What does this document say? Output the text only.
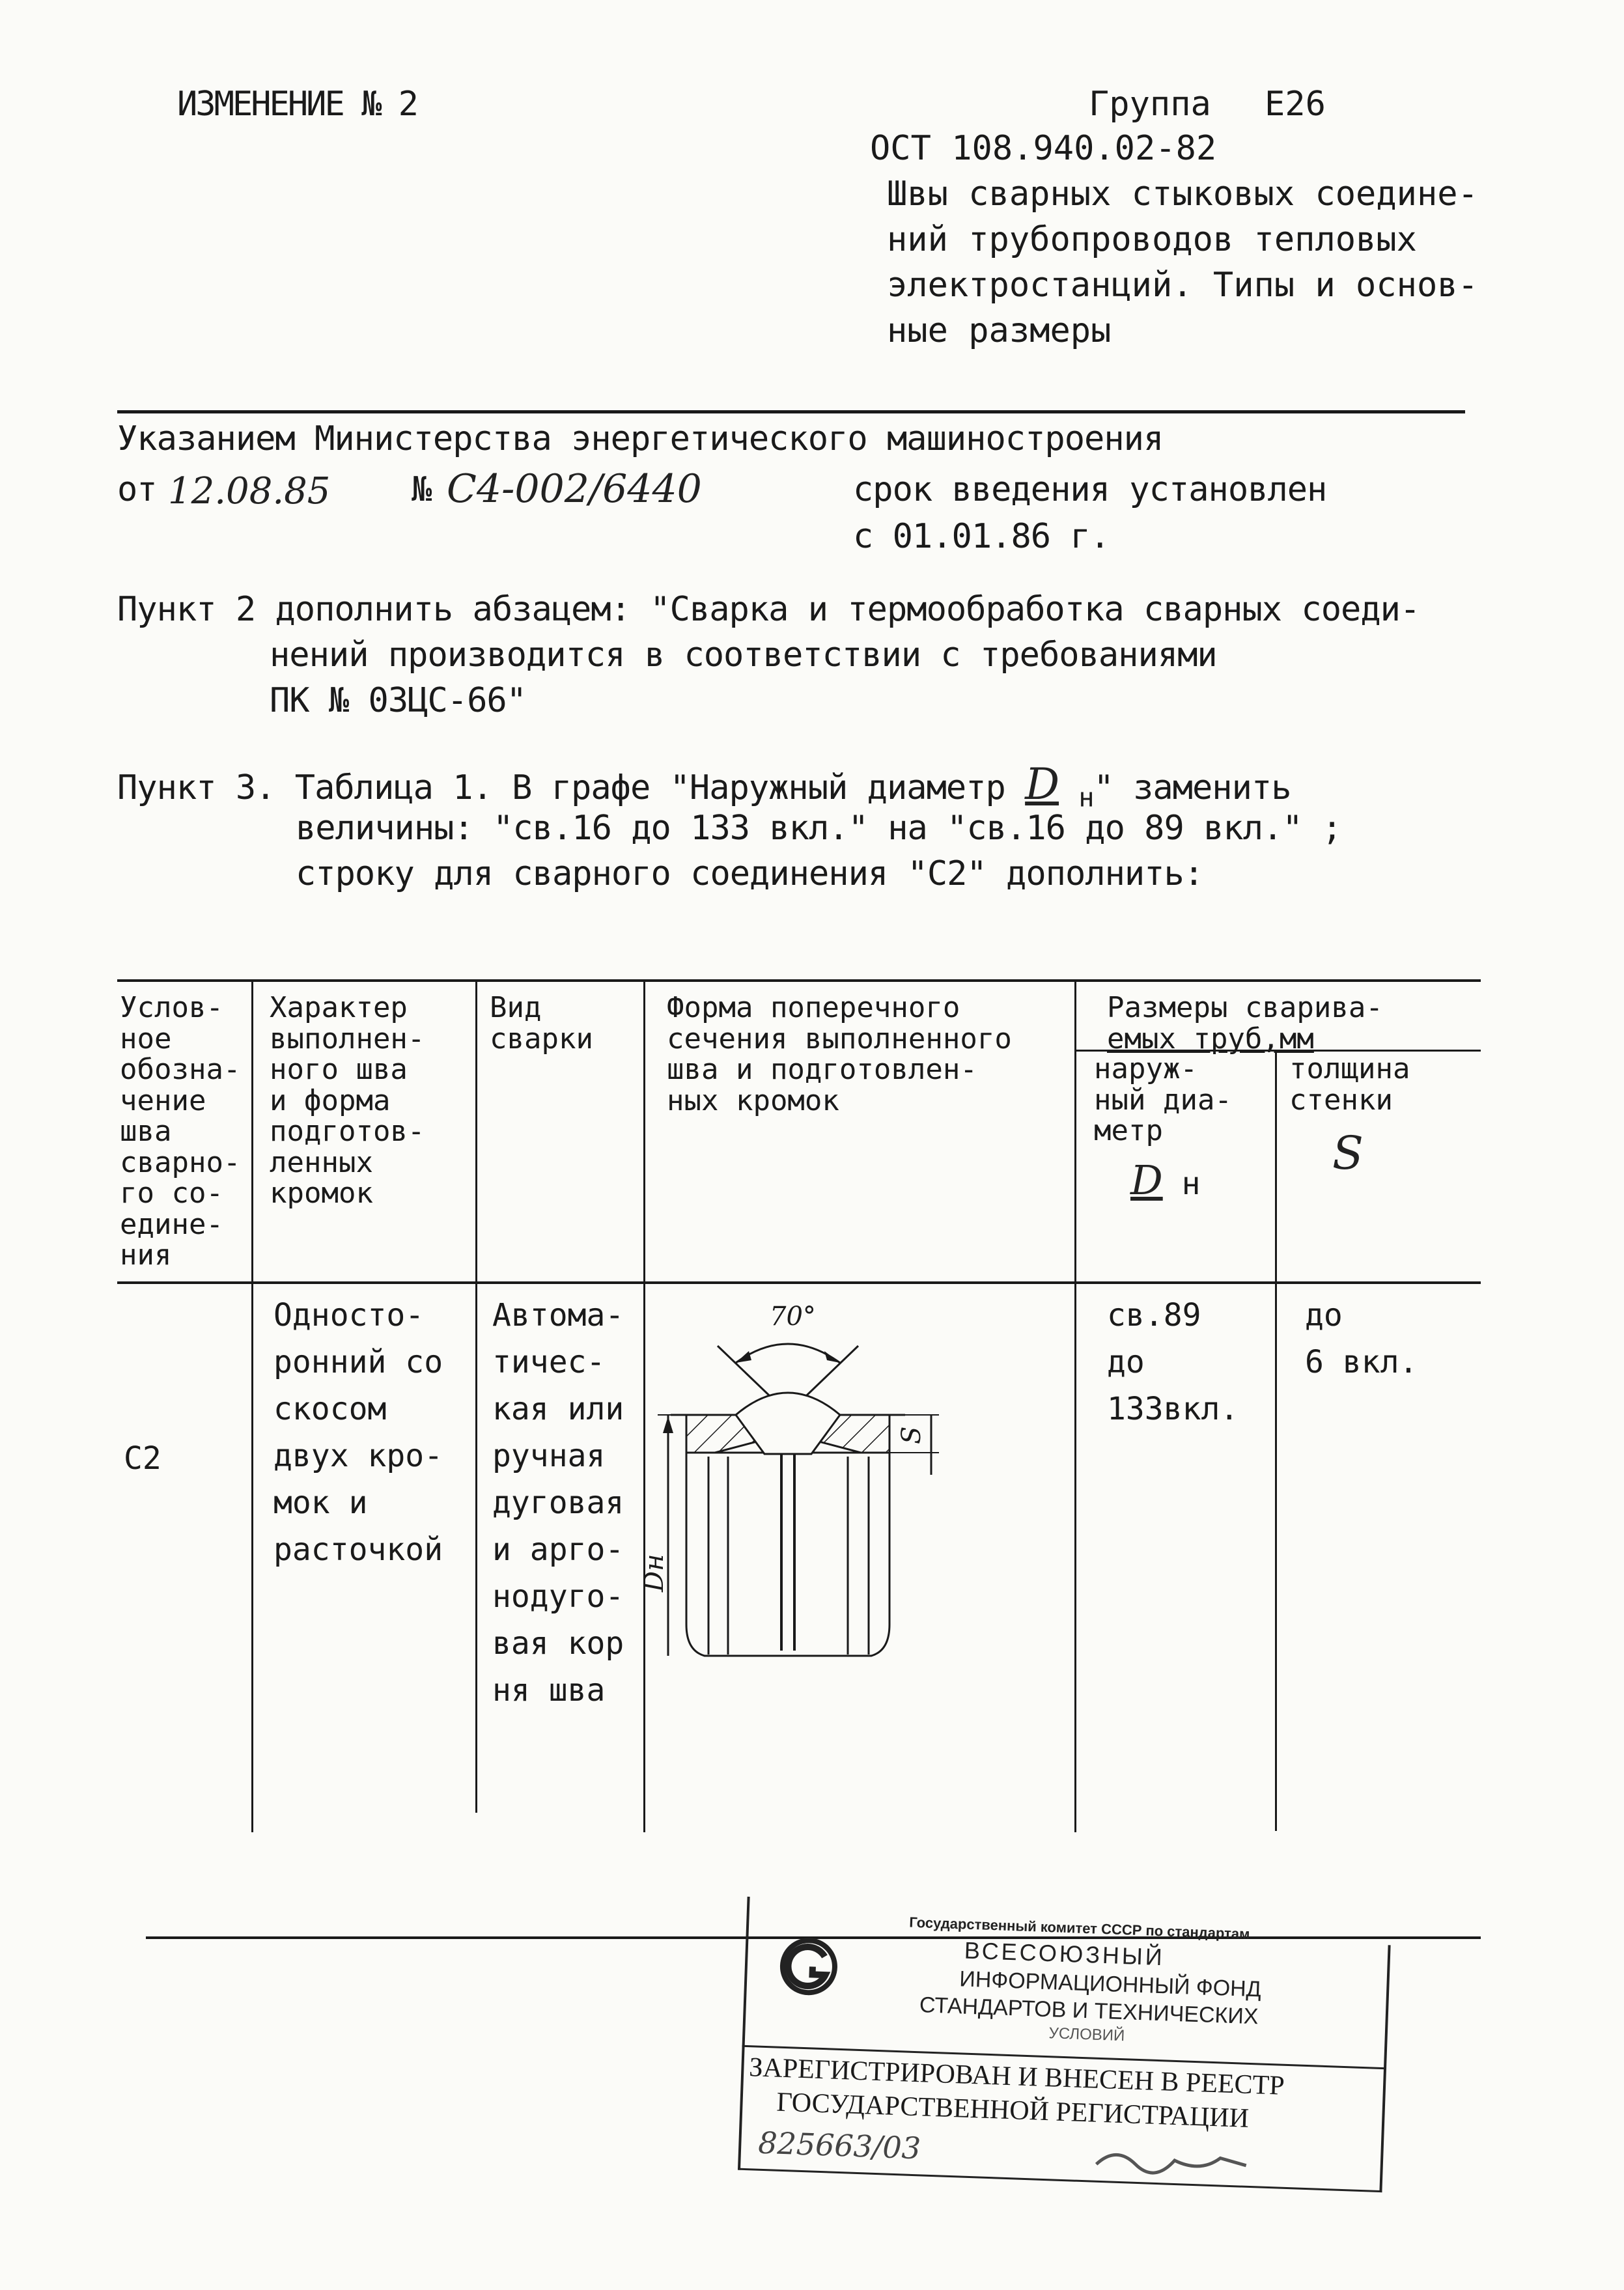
ИЗМЕНЕНИЕ № 2	Группа Е26
ОСТ 108.940.02-82
Швы сварных стыковых соедине-
ний трубопроводов тепловых
электростанций. Типы и основ-
ные размеры
Указанием Министерства энергетического машиностроения
от 12.08.85 № С4-002/6440	срок введения установлен
с 01.01.86 г.
Пункт 2 дополнить абзацем: "Сварка и термообработка сварных соеди-
нений производится в соответствии с требованиями
ПК № 03ЦС-66"
Пункт 3. Таблица 1. В графе "Наружный диаметр D $_н$" заменить
величины: "св.16 до 133 вкл." на "св.16 до 89 вкл." ;
строку для сварного соединения "С2" дополнить:
Услов-
ное
обозна-
чение
шва
сварно-
го со-
едине-
ния
Характер
выполнен-
ного шва
и форма
подготов-
ленных
кромок
Вид
сварки
Форма поперечного
сечения выполненного
шва и подготовлен-
ных кромок
Размеры сварива-
емых труб,мм
наруж-
ный диа-
метр
D н
толщина
стенки
S
С2
Односто-
ронний со
скосом
двух кро-
мок и
расточкой
Автома-
тичес-
кая или
ручная
дуговая
и арго-
нодуго-
вая кор
ня шва
св.89
до
133вкл.
до
6 вкл.
70°
S
Dн
Государственный комитет СССР по стандартам
ВСЕСОЮЗНЫЙ
ИНФОРМАЦИОННЫЙ ФОНД
СТАНДАРТОВ И ТЕХНИЧЕСКИХ
УСЛОВИЙ
ЗАРЕГИСТРИРОВАН И ВНЕСЕН В РЕЕСТР
ГОСУДАРСТВЕННОЙ РЕГИСТРАЦИИ
825663/03
